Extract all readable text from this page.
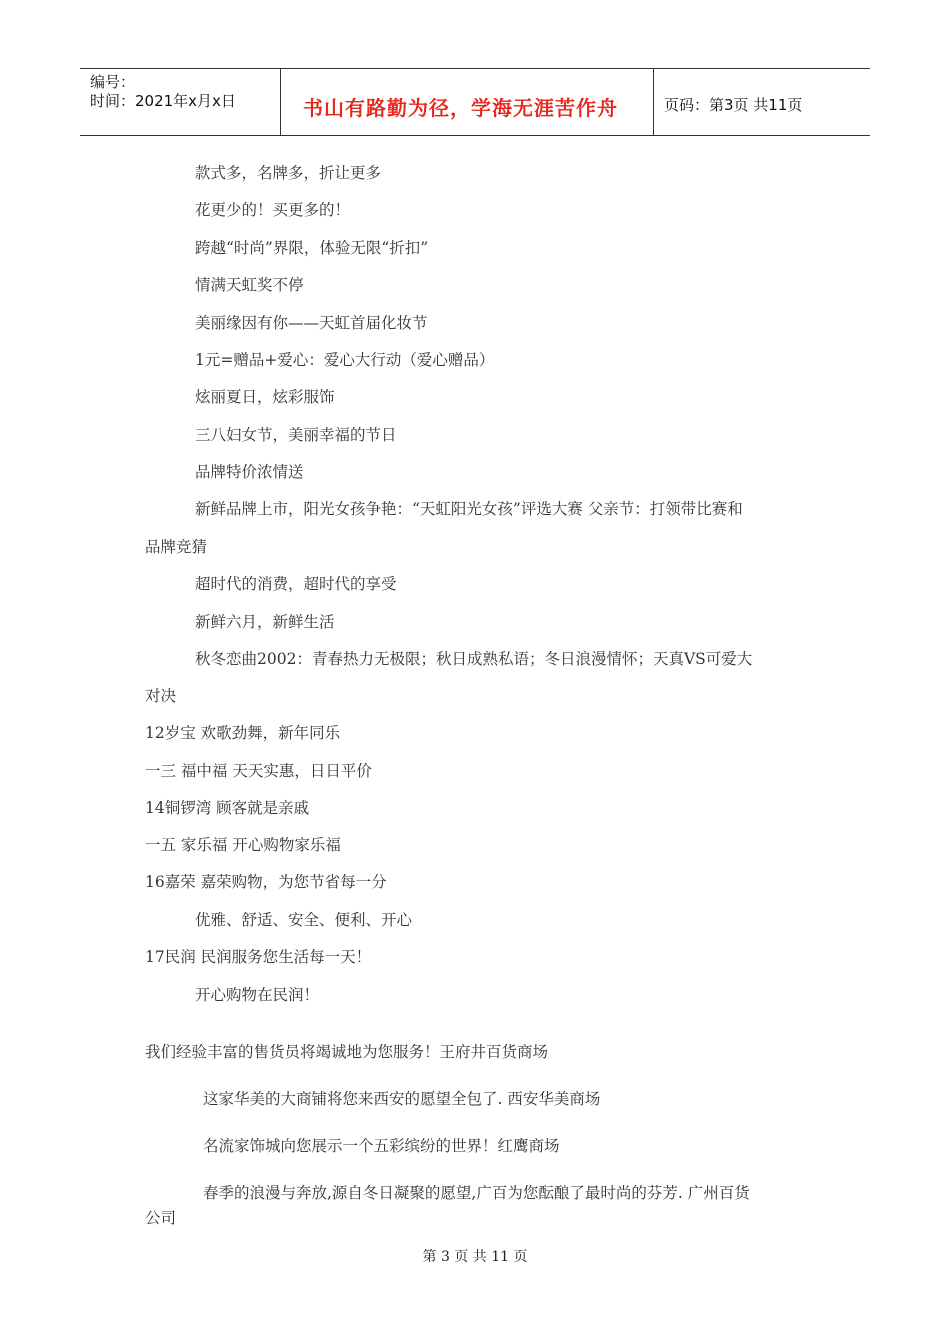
编号：
时间：2021年x月x日	书山有路勤为径，学海无涯苦作舟	页码：第3页 共11页
款式多，名牌多，折让更多
花更少的！买更多的！
跨越“时尚”界限，体验无限“折扣”
情满天虹奖不停
美丽缘因有你——天虹首届化妆节
1元=赠品+爱心：爱心大行动（爱心赠品）
炫丽夏日，炫彩服饰
三八妇女节，美丽幸福的节日
品牌特价浓情送
新鲜品牌上市，阳光女孩争艳：“天虹阳光女孩”评选大赛 父亲节：打领带比赛和
品牌竞猜
超时代的消费，超时代的享受
新鲜六月，新鲜生活
秋冬恋曲2002：青春热力无极限；秋日成熟私语；冬日浪漫情怀；天真VS可爱大
对决
12岁宝 欢歌劲舞，新年同乐
一三 福中福 天天实惠，日日平价
14铜锣湾 顾客就是亲戚
一五 家乐福 开心购物家乐福
16嘉荣 嘉荣购物，为您节省每一分
优雅、舒适、安全、便利、开心
17民润 民润服务您生活每一天！
开心购物在民润！
我们经验丰富的售货员将竭诚地为您服务！王府井百货商场
这家华美的大商铺将您来西安的愿望全包了. 西安华美商场
名流家饰城向您展示一个五彩缤纷的世界！红鹰商场
春季的浪漫与奔放,源自冬日凝聚的愿望,广百为您酝酿了最时尚的芬芳. 广州百货
公司
第 3 页 共 11 页
